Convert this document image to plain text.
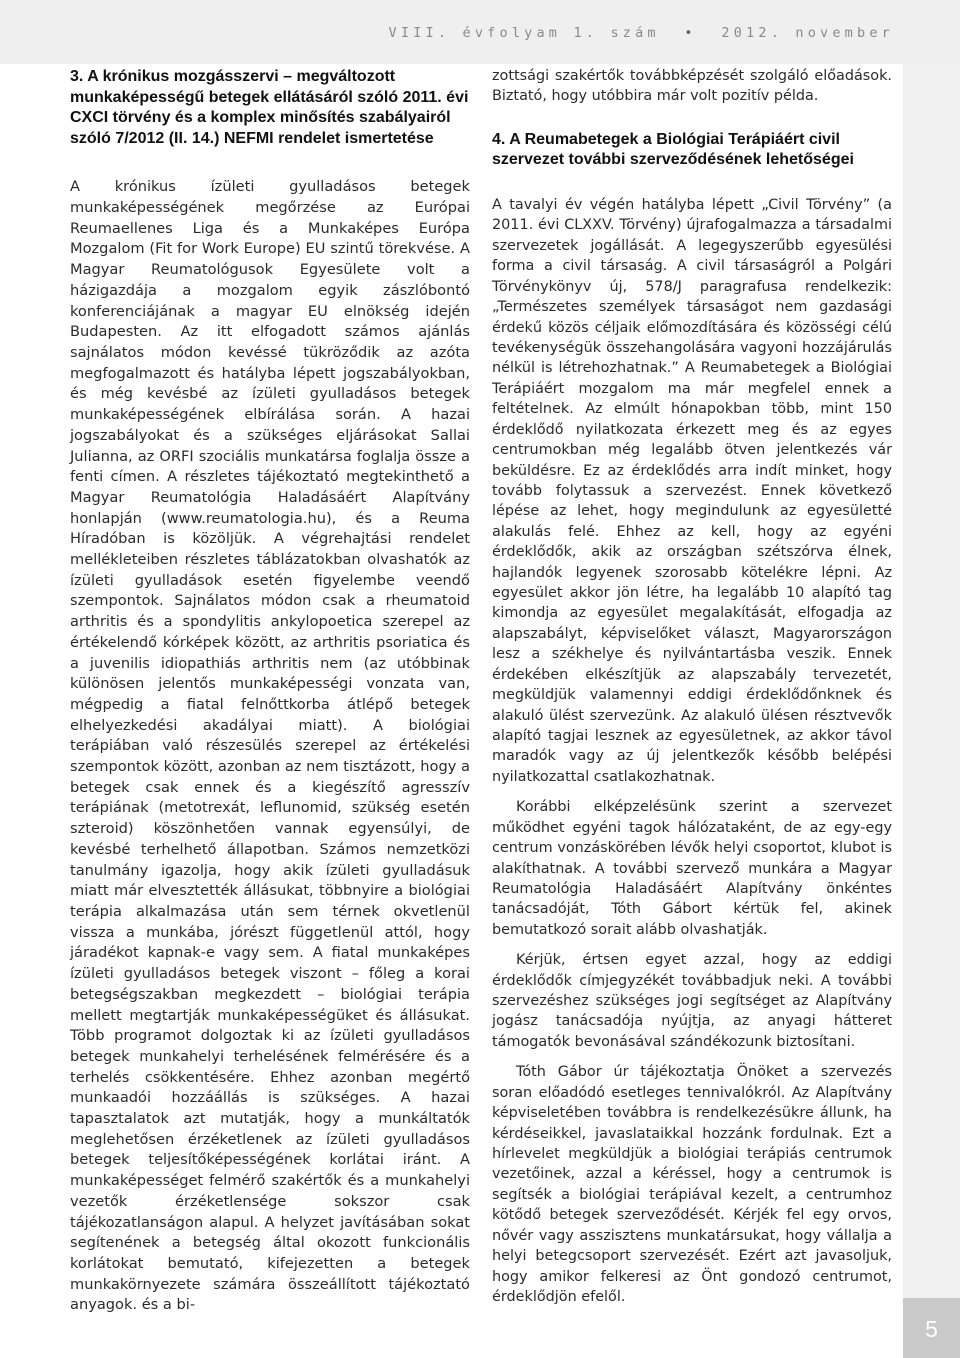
VIII. évfolyam 1. szám • 2012. november
5
3. A krónikus mozgásszervi – megváltozott munkaképességű betegek ellátásáról szóló 2011. évi CXCI törvény és a komplex minősítés szabályairól szóló 7/2012 (II. 14.) NEFMI rendelet ismertetése

A krónikus ízületi gyulladásos betegek munkaképességének megőrzése az Európai Reumaellenes Liga és a Munkaképes Európa Mozgalom (Fit for Work Europe) EU szintű törekvése. A Magyar Reumatológusok Egyesülete volt a házigazdája a mozgalom egyik zászlóbontó konferenciájának a magyar EU elnökség idején Budapesten. Az itt elfogadott számos ajánlás sajnálatos módon kevéssé tükröződik az azóta megfogalmazott és hatályba lépett jogszabályokban, és még kevésbé az ízületi gyulladásos betegek munkaképességének elbírálása során. A hazai jogszabályokat és a szükséges eljárásokat Sallai Julianna, az ORFI szociális munkatársa foglalja össze a fenti címen. A részletes tájékoztató megtekinthető a Magyar Reumatológia Haladásáért Alapítvány honlapján (www.reumatologia.hu), és a Reuma Híradóban is közöljük. A végrehajtási rendelet mellékleteiben részletes táblázatokban olvashatók az ízületi gyulladások esetén figyelembe veendő szempontok. Sajnálatos módon csak a rheumatoid arthritis és a spondylitis ankylopoetica szerepel az értékelendő kórképek között, az arthritis psoriatica és a juvenilis idiopathiás arthritis nem (az utóbbinak különösen jelentős munkaképességi vonzata van, mégpedig a fiatal felnőttkorba átlépő betegek elhelyezkedési akadályai miatt). A biológiai terápiában való részesülés szerepel az értékelési szempontok között, azonban az nem tisztázott, hogy a betegek csak ennek és a kiegészítő agresszív terápiának (metotrexát, leflunomid, szükség esetén szteroid) köszönhetően vannak egyensúlyi, de kevésbé terhelhető állapotban. Számos nemzetközi tanulmány igazolja, hogy akik ízületi gyulladásuk miatt már elvesztették állásukat, többnyire a biológiai terápia alkalmazása után sem térnek okvetlenül vissza a munkába, jórészt függetlenül attól, hogy járadékot kapnak-e vagy sem. A fiatal munkaképes ízületi gyulladásos betegek viszont – főleg a korai betegségszakban megkezdett – biológiai terápia mellett megtartják munkaképességüket és állásukat. Több programot dolgoztak ki az ízületi gyulladásos betegek munkahelyi terhelésének felmérésére és a terhelés csökkentésére. Ehhez azonban megértő munkaadói hozzáállás is szükséges. A hazai tapasztalatok azt mutatják, hogy a munkáltatók meglehetősen érzéketlenek az ízületi gyulladásos betegek teljesítőképességének korlátai iránt. A munkaképességet felmérő szakértők és a munkahelyi vezetők érzéketlensége sokszor csak tájékozatlanságon alapul. A helyzet javításában sokat segítenének a betegség által okozott funkcionális korlátokat bemutató, kifejezetten a betegek munkakörnyezete számára összeállított tájékoztató anyagok. és a bi-

zottsági szakértők továbbképzését szolgáló előadások. Biztató, hogy utóbbira már volt pozitív példa.

4. A Reumabetegek a Biológiai Terápiáért civil szervezet további szerveződésének lehetőségei

A tavalyi év végén hatályba lépett „Civil Törvény” (a 2011. évi CLXXV. Törvény) újrafogalmazza a társadalmi szervezetek jogállását. A legegyszerűbb egyesülési forma a civil társaság. A civil társaságról a Polgári Törvénykönyv új, 578/J paragrafusa rendelkezik: „Természetes személyek társaságot nem gazdasági érdekű közös céljaik előmozdítására és közösségi célú tevékenységük összehangolására vagyoni hozzájárulás nélkül is létrehozhatnak.” A Reumabetegek a Biológiai Terápiáért mozgalom ma már megfelel ennek a feltételnek. Az elmúlt hónapokban több, mint 150 érdeklődő nyilatkozata érkezett meg és az egyes centrumokban még legalább ötven jelentkezés vár beküldésre. Ez az érdeklődés arra indít minket, hogy tovább folytassuk a szervezést. Ennek következő lépése az lehet, hogy megindulunk az egyesületté alakulás felé. Ehhez az kell, hogy az egyéni érdeklődők, akik az országban szétszórva élnek, hajlandók legyenek szorosabb kötelékre lépni. Az egyesület akkor jön létre, ha legalább 10 alapító tag kimondja az egyesület megalakítását, elfogadja az alapszabályt, képviselőket választ, Magyarországon lesz a székhelye és nyilvántartásba veszik. Ennek érdekében elkészítjük az alapszabály tervezetét, megküldjük valamennyi eddigi érdeklődőnknek és alakuló ülést szervezünk. Az alakuló ülésen résztvevők alapító tagjai lesznek az egyesületnek, az akkor távol maradók vagy az új jelentkezők később belépési nyilatkozattal csatlakozhatnak.

Korábbi elképzelésünk szerint a szervezet működhet egyéni tagok hálózataként, de az egy-egy centrum vonzáskörében lévők helyi csoportot, klubot is alakíthatnak. A további szervező munkára a Magyar Reumatológia Haladásáért Alapítvány önkéntes tanácsadóját, Tóth Gábort kértük fel, akinek bemutatkozó sorait alább olvashatják.

Kérjük, értsen egyet azzal, hogy az eddigi érdeklődők címjegyzékét továbbadjuk neki. A további szervezéshez szükséges jogi segítséget az Alapítvány jogász tanácsadója nyújtja, az anyagi hátteret támogatók bevonásával szándékozunk biztosítani.

Tóth Gábor úr tájékoztatja Önöket a szervezés soran előadódó esetleges tennivalókról. Az Alapítvány képviseletében továbbra is rendelkezésükre állunk, ha kérdéseikkel, javaslataikkal hozzánk fordulnak. Ezt a hírlevelet megküldjük a biológiai terápiás centrumok vezetőinek, azzal a kéréssel, hogy a centrumok is segítsék a biológiai terápiával kezelt, a centrumhoz kötődő betegek szerveződését. Kérjék fel egy orvos, nővér vagy asszisztens munkatársukat, hogy vállalja a helyi betegcsoport szervezését. Ezért azt javasoljuk, hogy amikor felkeresi az Önt gondozó centrumot, érdeklődjön efelől.
